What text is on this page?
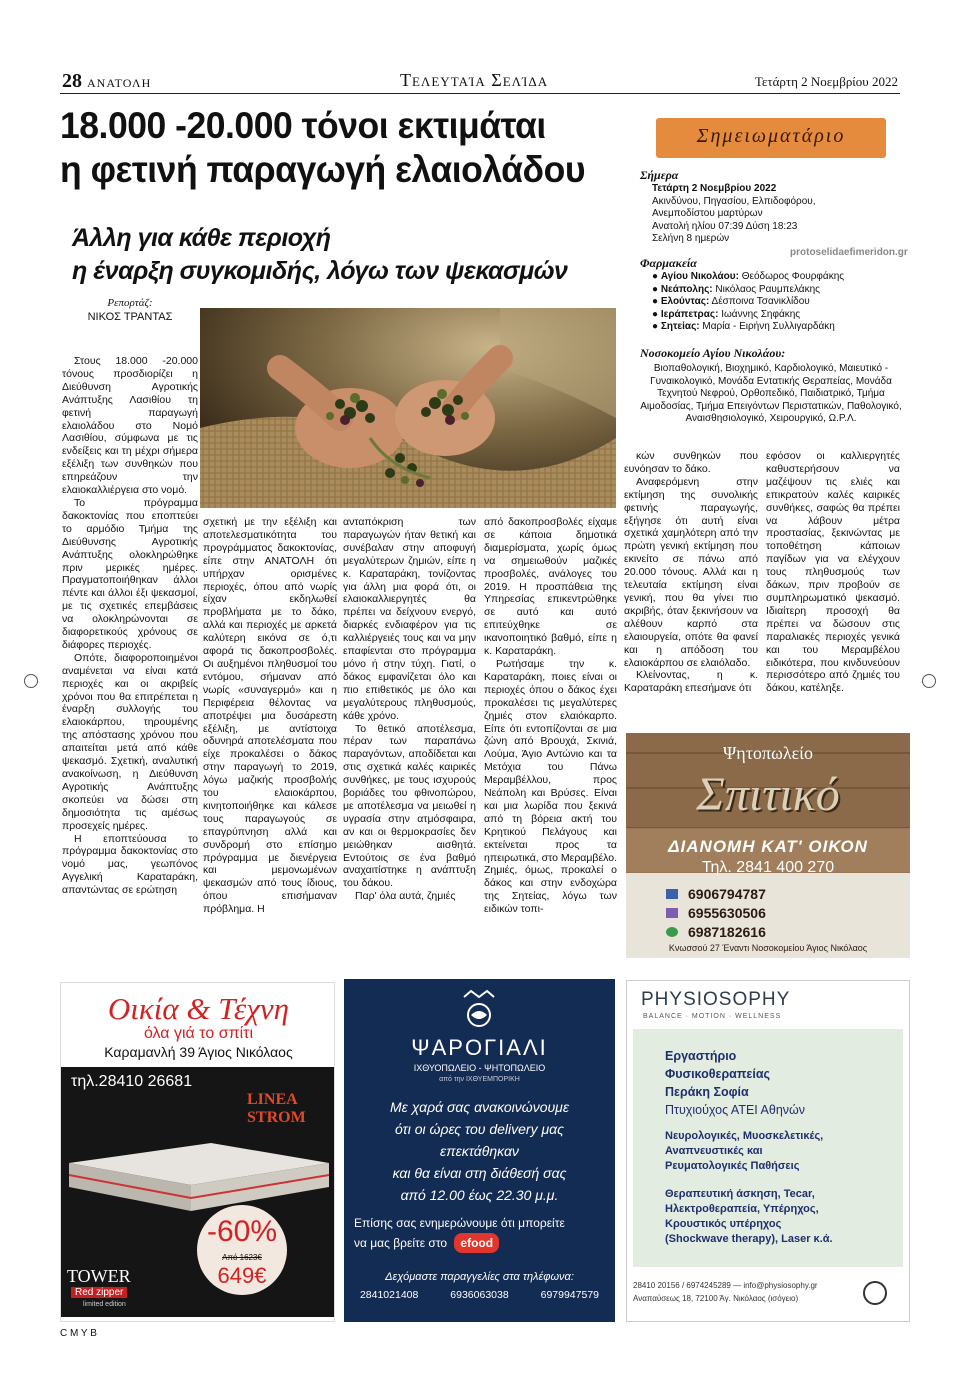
28 ΑΝΑΤΟΛΗ	Τελευταία Σελίδα	Τετάρτη 2 Νοεμβρίου 2022
18.000 -20.000 τόνοι εκτιμάται
η φετινή παραγωγή ελαιολάδου
Άλλη για κάθε περιοχή
η έναρξη συγκομιδής, λόγω των ψεκασμών
Ρεπορτάζ:
ΝΙΚΟΣ ΤΡΑΝΤΑΣ

Στους 18.000 -20.000 τόνους προσδιορίζει η Διεύθυνση Αγροτικής Ανάπτυξης Λασιθίου τη φετινή παραγωγή ελαιολάδου στο Νομό Λασιθίου, σύμφωνα με τις ενδείξεις και τη μέχρι σήμερα εξέλιξη των συνθηκών που επηρεάζουν την ελαιοκαλλιέργεια στο νομό.

Το πρόγραμμα δακοκτονίας που εποπτεύει το αρμόδιο Τμήμα της Διεύθυνσης Αγροτικής Ανάπτυξης ολοκληρώθηκε πριν μερικές ημέρες. Πραγματοποιήθηκαν άλλοι πέντε και άλλοι έξι ψεκασμοί, με τις σχετικές επεμβάσεις να ολοκληρώνονται σε διαφορετικούς χρόνους σε διάφορες περιοχές.

Οπότε, διαφοροποιημένοι αναμένεται να είναι κατά περιοχές και οι ακριβείς χρόνοι που θα επιτρέπεται η έναρξη συλλογής του ελαιοκάρπου, τηρουμένης της απόστασης χρόνου που απαιτείται μετά από κάθε ψεκασμό. Σχετική, αναλυτική ανακοίνωση, η Διεύθυνση Αγροτικής Ανάπτυξης σκοπεύει να δώσει στη δημοσιότητα τις αμέσως προσεχείς ημέρες.

Η εποπτεύουσα το πρόγραμμα δακοκτονίας στο νομό μας, γεωπόνος Αγγελική Καραταράκη, απαντώντας σε ερώτηση

σχετική με την εξέλιξη και αποτελεσματικότητα του προγράμματος δακοκτονίας, είπε στην ΑΝΑΤΟΛΗ ότι υπήρχαν ορισμένες περιοχές, όπου από νωρίς είχαν εκδηλωθεί προβλήματα με το δάκο, αλλά και περιοχές με αρκετά καλύτερη εικόνα σε ό,τι αφορά τις δακοπροσβολές. Οι αυξημένοι πληθυσμοί του εντόμου, σήμαναν από νωρίς «συναγερμό» και η Περιφέρεια θέλοντας να αποτρέψει μια δυσάρεστη εξέλιξη, με αντίστοιχα οδυνηρά αποτελέσματα που είχε προκαλέσει ο δάκος στην παραγωγή το 2019, λόγω μαζικής προσβολής του ελαιοκάρπου, κινητοποιήθηκε και κάλεσε τους παραγωγούς σε επαγρύπνηση αλλά και συνδρομή στο επίσημο πρόγραμμα με διενέργεια και μεμονωμένων ψεκασμών από τους ίδιους, όπου επισήμαναν πρόβλημα. Η

ανταπόκριση των παραγωγών ήταν θετική και συνέβαλαν στην αποφυγή μεγαλύτερων ζημιών, είπε η κ. Καραταράκη, τονίζοντας για άλλη μια φορά ότι, οι ελαιοκαλλιεργητές θα πρέπει να δείχνουν ενεργό, διαρκές ενδιαφέρον για τις καλλιέργειές τους και να μην επαφίενται στο πρόγραμμα μόνο ή στην τύχη. Γιατί, ο δάκος εμφανίζεται όλο και πιο επιθετικός με όλο και μεγαλύτερους πληθυσμούς, κάθε χρόνο.

Το θετικό αποτέλεσμα, πέραν των παραπάνω παραγόντων, αποδίδεται και στις σχετικά καλές καιρικές συνθήκες, με τους ισχυρούς βοριάδες του φθινοπώρου, με αποτέλεσμα να μειωθεί η υγρασία στην ατμόσφαιρα, αν και οι θερμοκρασίες δεν μειώθηκαν αισθητά. Εντούτοις σε ένα βαθμό αναχαιτίστηκε η ανάπτυξη του δάκου.

Παρ' όλα αυτά, ζημιές

από δακοπροσβολές είχαμε σε κάποια δημοτικά διαμερίσματα, χωρίς όμως να σημειωθούν μαζικές προσβολές, ανάλογες του 2019. Η προσπάθεια της Υπηρεσίας επικεντρώθηκε σε αυτό και αυτό επιτεύχθηκε σε ικανοποιητικό βαθμό, είπε η κ. Καραταράκη.

Ρωτήσαμε την κ. Καραταράκη, ποιες είναι οι περιοχές όπου ο δάκος έχει προκαλέσει τις μεγαλύτερες ζημιές στον ελαιόκαρπο. Είπε ότι εντοπίζονται σε μια ζώνη από Βρουχά, Σκινιά, Λούμα, Άγιο Αντώνιο και τα Μετόχια του Πάνω Μεραμβέλλου, προς Νεάπολη και Βρύσες. Είναι και μια λωρίδα που ξεκινά από τη βόρεια ακτή του Κρητικού Πελάγους και εκτείνεται προς τα ηπειρωτικά, στο Μεραμβέλο. Ζημιές, όμως, προκαλεί ο δάκος και στην ενδοχώρα της Σητείας, λόγω των ειδικών τοπι-

κών συνθηκών που ευνόησαν το δάκο.

Αναφερόμενη στην εκτίμηση της συνολικής φετινής παραγωγής, εξήγησε ότι αυτή είναι σχετικά χαμηλότερη από την πρώτη γενική εκτίμηση που εκινείτο σε πάνω από 20.000 τόνους. Αλλά και η τελευταία εκτίμηση είναι γενική, που θα γίνει πιο ακριβής, όταν ξεκινήσουν να αλέθουν καρπό στα ελαιουργεία, οπότε θα φανεί και η απόδοση του ελαιοκάρπου σε ελαιόλαδο.

Κλείνοντας, η κ. Καραταράκη επεσήμανε ότι

εφόσον οι καλλιεργητές καθυστερήσουν να μαζέψουν τις ελιές και επικρατούν καλές καιρικές συνθήκες, σαφώς θα πρέπει να λάβουν μέτρα προστασίας, ξεκινώντας με τοποθέτηση κάποιων παγίδων για να ελέγχουν τους πληθυσμούς των δάκων, πριν προβούν σε συμπληρωματικό ψεκασμό. Ιδιαίτερη προσοχή θα πρέπει να δώσουν στις παραλιακές περιοχές γενικά και του Μεραμβέλου ειδικότερα, που κινδυνεύουν περισσότερο από ζημιές του δάκου, κατέληξε.

Σημειωματάριο
Σήμερα
Τετάρτη 2 Νοεμβρίου 2022
Ακινδύνου, Πηγασίου, Ελπιδοφόρου, Ανεμποδίστου μαρτύρων
Ανατολή ηλίου 07:39 Δύση 18:23
Σελήνη 8 ημερών
protoselidaefimeridon.gr
Φαρμακεία
● Αγίου Νικολάου: Θεόδωρος Φουρφάκης
● Νεάπολης: Νικόλαος Ραυμπελάκης
● Ελούντας: Δέσποινα Τσανικλίδου
● Ιεράπετρας: Ιωάννης Σηφάκης
● Σητείας: Μαρία - Ειρήνη Συλλιγαρδάκη
Νοσοκομείο Αγίου Νικολάου:
Βιοπαθολογική, Βιοχημικό, Καρδιολογικό, Μαιευτικό - Γυναικολογικό, Μονάδα Εντατικής Θεραπείας, Μονάδα Τεχνητού Νεφρού, Ορθοπεδικό, Παιδιατρικό, Τμήμα Αιμοδοσίας, Τμήμα Επειγόντων Περιστατικών, Παθολογικό, Αναισθησιολογικό, Χειρουργικό, Ω.Ρ.Λ.
Ψητοπωλείο
Σπιτικό
ΔΙΑΝΟΜΗ ΚΑΤ' ΟΙΚΟΝ
Τηλ. 2841 400 270
6906794787
6955630506
6987182616
Κνωσσού 27 Έναντι Νοσοκομείου Άγιος Νικόλαος
Οικία & Τέχνη
όλα γιά το σπίτι
Καραμανλή 39 Άγιος Νικόλαος
τηλ.28410 26681
LINEA
STROM
-60%
Από 1623€
649€
TOWER
Red zipper
limited edition
ΨΑΡΟΓΙΑΛΙ
ΙΧΘΥΟΠΩΛΕΙΟ - ΨΗΤΟΠΩΛΕΙΟ
από την ΙΧΘΥΕΜΠΟΡΙΚΗ
Με χαρά σας ανακοινώνουμε
ότι οι ώρες του delivery μας
επεκτάθηκαν
και θα είναι στη διάθεσή σας
από 12.00 έως 22.30 μ.μ.
Επίσης σας ενημερώνουμε ότι μπορείτε
να μας βρείτε στο efood
Δεχόμαστε παραγγελίες στα τηλέφωνα:
2841021408	6936063038	6979947579
PHYSIOSOPHY
BALANCE · MOTION · WELLNESS
Εργαστήριο
Φυσικοθεραπείας
Περάκη Σοφία
Πτυχιούχος ΑΤΕΙ Αθηνών
Νευρολογικές, Μυοσκελετικές,
Αναπνευστικές και
Ρευματολογικές Παθήσεις
Θεραπευτική άσκηση, Tecar,
Ηλεκτροθεραπεία, Υπέρηχος,
Κρουστικός υπέρηχος
(Shockwave therapy), Laser κ.ά.
28410 20156 / 6974245289 — info@physiosophy.gr
Αναπαύσεως 18, 72100 Άγ. Νικόλαος (ισόγειο)
C M Y B
